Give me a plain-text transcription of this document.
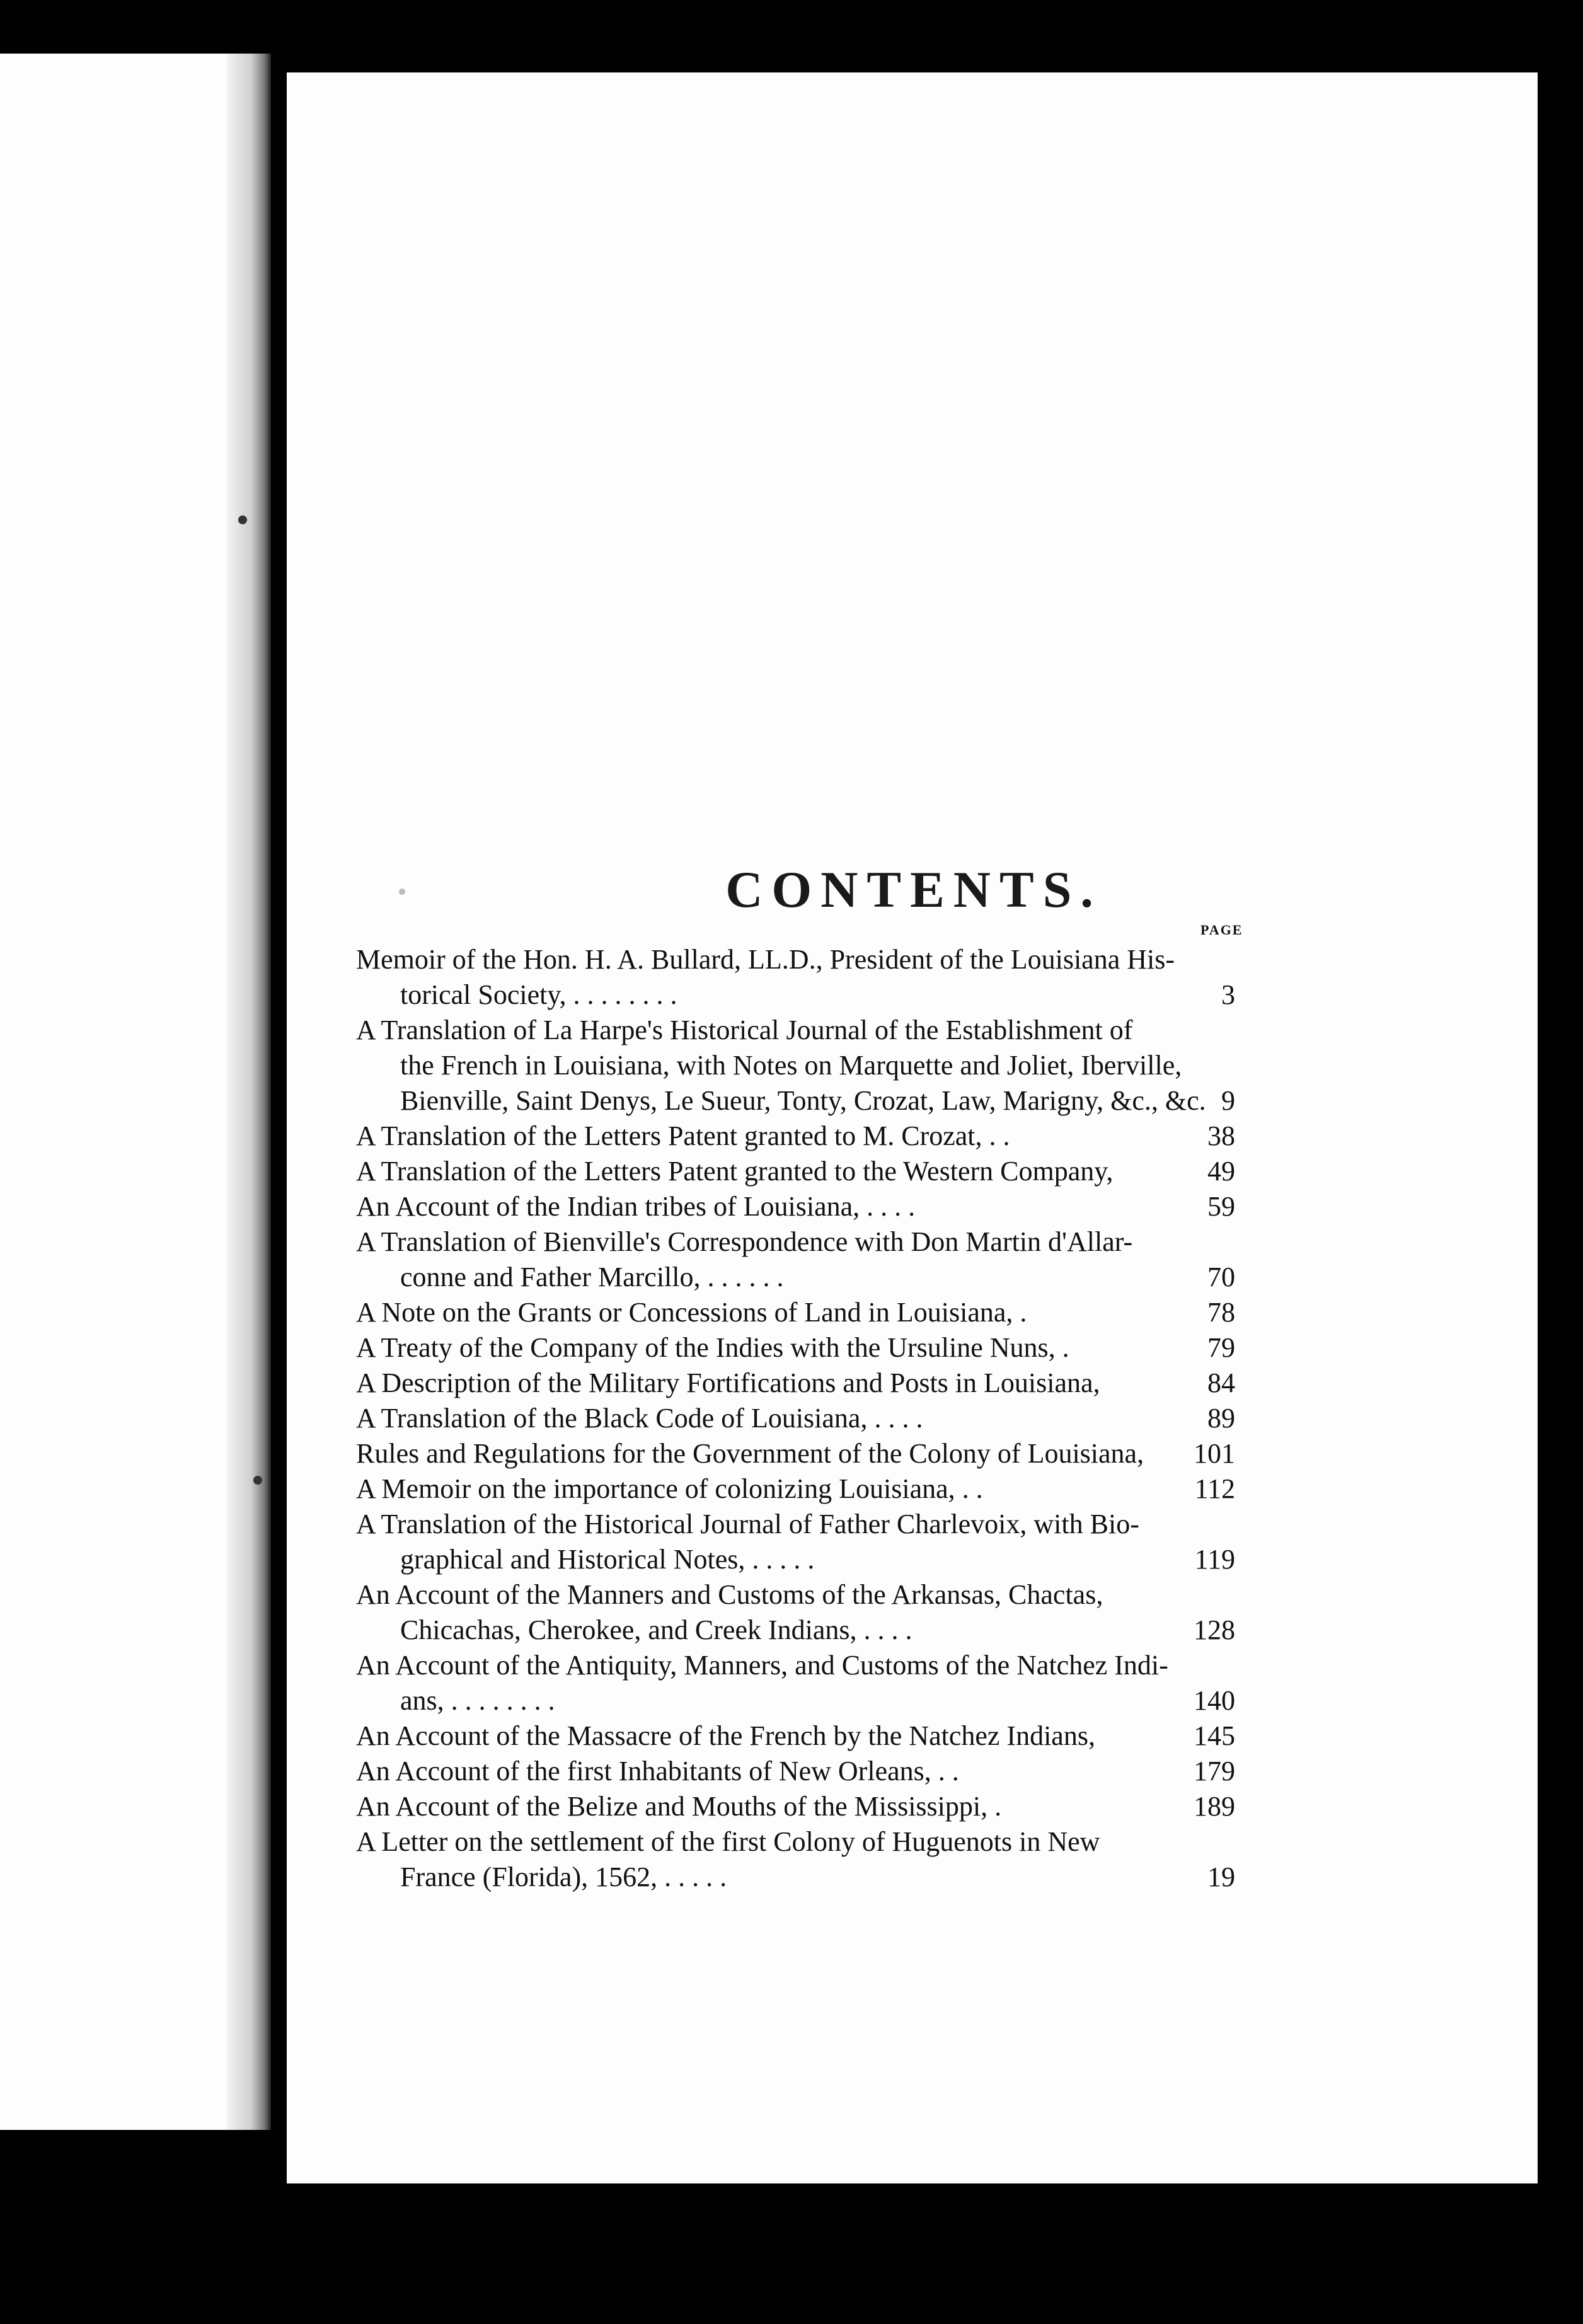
CONTENTS.
PAGE
Memoir of the Hon. H. A. Bullard, LL.D., President of the Louisiana His-
torical Society, . . . . . . . .	3
A Translation of La Harpe's Historical Journal of the Establishment of
the French in Louisiana, with Notes on Marquette and Joliet, Iberville,
Bienville, Saint Denys, Le Sueur, Tonty, Crozat, Law, Marigny, &c., &c. 9
A Translation of the Letters Patent granted to M. Crozat, . .	38
A Translation of the Letters Patent granted to the Western Company,	49
An Account of the Indian tribes of Louisiana, . . . .	59
A Translation of Bienville's Correspondence with Don Martin d'Allar-
conne and Father Marcillo, . . . . . .	70
A Note on the Grants or Concessions of Land in Louisiana, .	78
A Treaty of the Company of the Indies with the Ursuline Nuns, .	79
A Description of the Military Fortifications and Posts in Louisiana,	84
A Translation of the Black Code of Louisiana, . . . .	89
Rules and Regulations for the Government of the Colony of Louisiana,	101
A Memoir on the importance of colonizing Louisiana, . .	112
A Translation of the Historical Journal of Father Charlevoix, with Bio-
graphical and Historical Notes, . . . . .	119
An Account of the Manners and Customs of the Arkansas, Chactas,
Chicachas, Cherokee, and Creek Indians, . . . .	128
An Account of the Antiquity, Manners, and Customs of the Natchez Indi-
ans, . . . . . . . .	140
An Account of the Massacre of the French by the Natchez Indians,	145
An Account of the first Inhabitants of New Orleans, . .	179
An Account of the Belize and Mouths of the Mississippi, .	189
A Letter on the settlement of the first Colony of Huguenots in New
France (Florida), 1562, . . . . .	19
